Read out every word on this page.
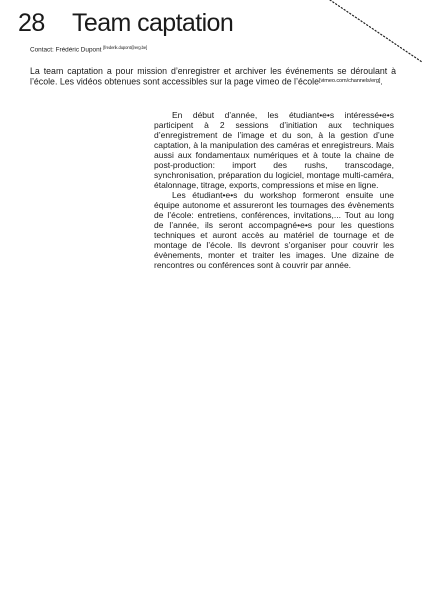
28 Team captation
Contact: Frédéric Dupont [frederik.dupont@erg.be]

La team captation a pour mission d’enregistrer et archiver les événements se déroulant à l’école. Les vidéos obtenues sont accessibles sur la page vimeo de l’école[vimeo.com/channels/erg].

En début d’année, les étudiant•e•s intéressé•e•s participent à 2 sessions d’initiation aux techniques d’enregistrement de l’image et du son, à la gestion d’une captation, à la manipulation des caméras et enregistreurs. Mais aussi aux fondamentaux numériques et à toute la chaine de post-production: import des rushs, transcodage, synchronisation, préparation du logiciel, montage multi-caméra, étalonnage, titrage, exports, compressions et mise en ligne.

Les étudiant•e•s du workshop formeront ensuite une équipe autonome et assureront les tournages des évènements de l’école: entretiens, conférences, invitations,... Tout au long de l’année, ils seront accompagné•e•s pour les questions techniques et auront accès au matériel de tournage et de montage de l’école. Ils devront s’organiser pour couvrir les évènements, monter et traiter les images. Une dizaine de rencontres ou conférences sont à couvrir par année.
